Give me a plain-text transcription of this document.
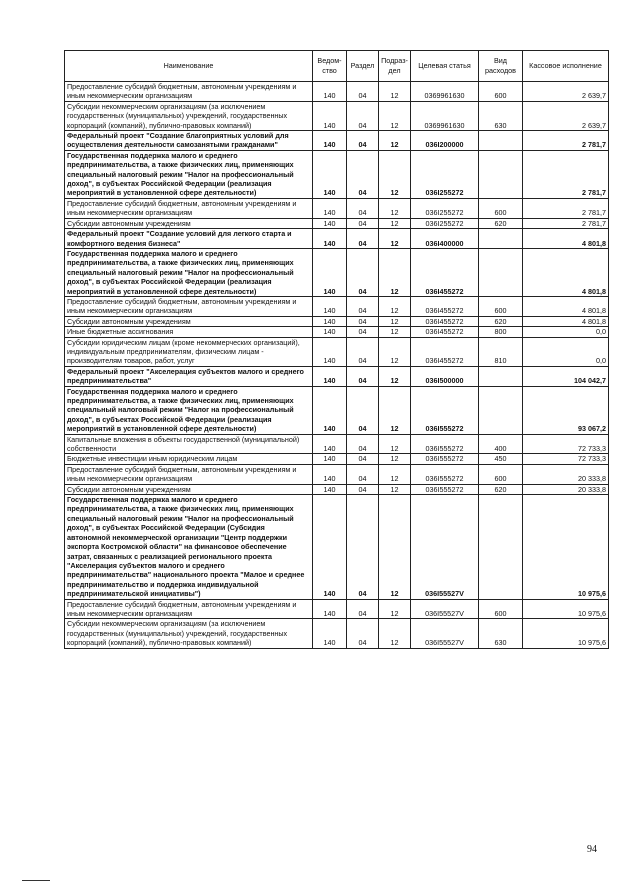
Наименование	Ведом-ство	Раздел	Подраз-дел	Целевая статья	Вид расходов	Кассовое исполнение
Предоставление субсидий бюджетным, автономным учреждениям и иным некоммерческим организациям	140	04	12	0369961630	600	2 639,7
Субсидии некоммерческим организациям (за исключением государственных (муниципальных) учреждений, государственных корпораций (компаний), публично-правовых компаний)	140	04	12	0369961630	630	2 639,7
Федеральный проект "Создание благоприятных условий для осуществления деятельности самозанятыми гражданами"	140	04	12	036I200000		2 781,7
Государственная поддержка малого и среднего предпринимательства, а также физических лиц, применяющих специальный налоговый режим "Налог на профессиональный доход", в субъектах Российской Федерации (реализация мероприятий в установленной сфере деятельности)	140	04	12	036I255272		2 781,7
Предоставление субсидий бюджетным, автономным учреждениям и иным некоммерческим организациям	140	04	12	036I255272	600	2 781,7
Субсидии автономным учреждениям	140	04	12	036I255272	620	2 781,7
Федеральный проект "Создание условий для легкого старта и комфортного ведения бизнеса"	140	04	12	036I400000		4 801,8
Государственная поддержка малого и среднего предпринимательства, а также физических лиц, применяющих специальный налоговый режим "Налог на профессиональный доход", в субъектах Российской Федерации (реализация мероприятий в установленной сфере деятельности)	140	04	12	036I455272		4 801,8
Предоставление субсидий бюджетным, автономным учреждениям и иным некоммерческим организациям	140	04	12	036I455272	600	4 801,8
Субсидии автономным учреждениям	140	04	12	036I455272	620	4 801,8
Иные бюджетные ассигнования	140	04	12	036I455272	800	0,0
Субсидии юридическим лицам (кроме некоммерческих организаций), индивидуальным предпринимателям, физическим лицам - производителям товаров, работ, услуг	140	04	12	036I455272	810	0,0
Федеральный проект "Акселерация субъектов малого и среднего предпринимательства"	140	04	12	036I500000		104 042,7
Государственная поддержка малого и среднего предпринимательства, а также физических лиц, применяющих специальный налоговый режим "Налог на профессиональный доход", в субъектах Российской Федерации (реализация мероприятий в установленной сфере деятельности)	140	04	12	036I555272		93 067,2
Капитальные вложения в объекты государственной (муниципальной) собственности	140	04	12	036I555272	400	72 733,3
Бюджетные инвестиции иным юридическим лицам	140	04	12	036I555272	450	72 733,3
Предоставление субсидий бюджетным, автономным учреждениям и иным некоммерческим организациям	140	04	12	036I555272	600	20 333,8
Субсидии автономным учреждениям	140	04	12	036I555272	620	20 333,8
Государственная поддержка малого и среднего предпринимательства, а также физических лиц, применяющих специальный налоговый режим "Налог на профессиональный доход", в субъектах Российской Федерации (Субсидия автономной некоммерческой организации "Центр поддержки экспорта Костромской области" на финансовое обеспечение затрат, связанных с реализацией регионального проекта "Акселерация субъектов малого и среднего предпринимательства" национального проекта "Малое и среднее предпринимательство и поддержка индивидуальной предпринимательской инициативы")	140	04	12	036I55527V		10 975,6
Предоставление субсидий бюджетным, автономным учреждениям и иным некоммерческим организациям	140	04	12	036I55527V	600	10 975,6
Субсидии некоммерческим организациям (за исключением государственных (муниципальных) учреждений, государственных корпораций (компаний), публично-правовых компаний)	140	04	12	036I55527V	630	10 975,6
94
